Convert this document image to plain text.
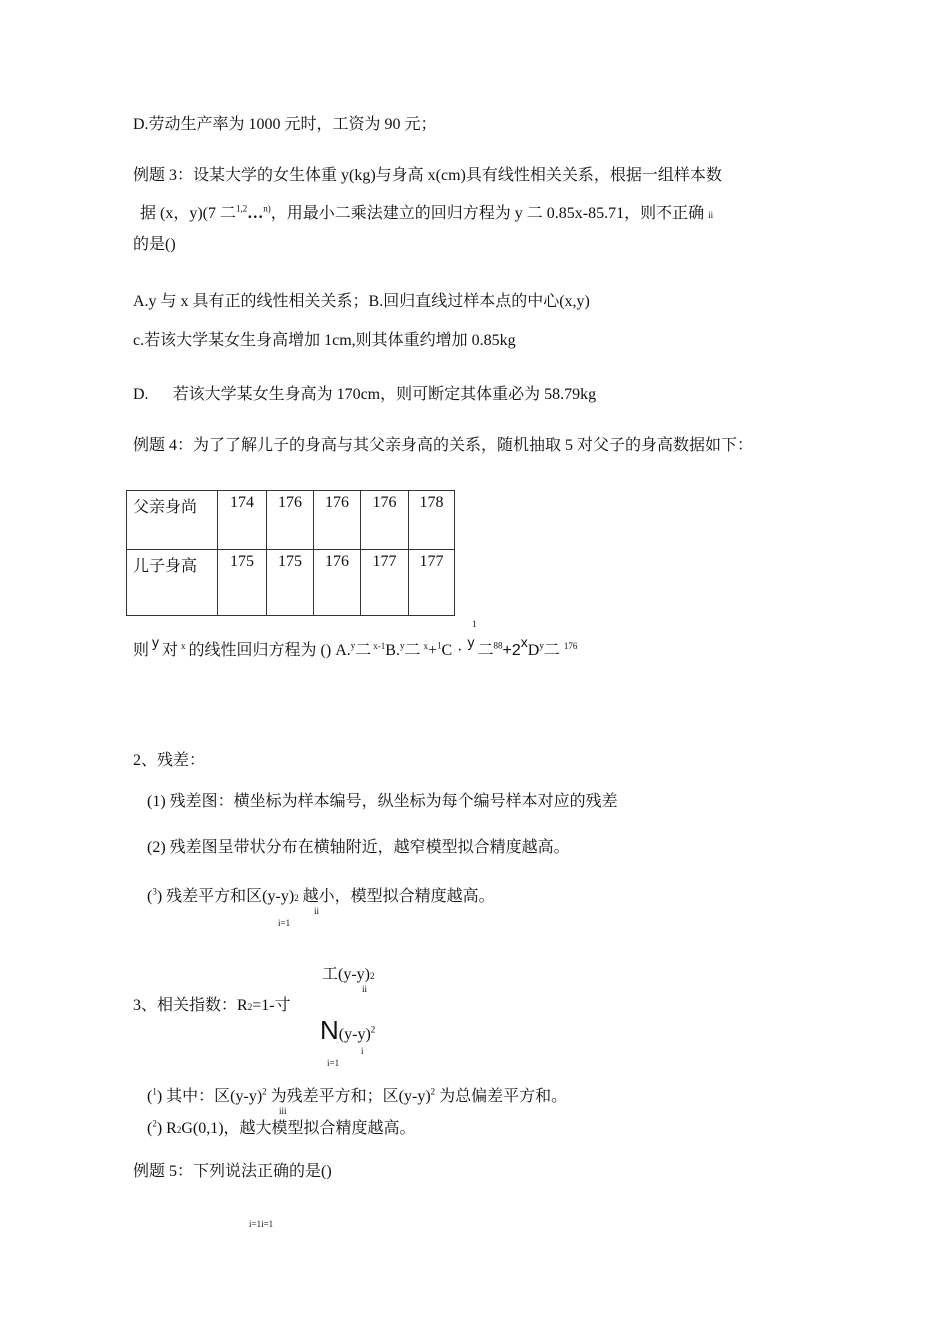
D.劳动生产率为 1000 元时，工资为 90 元；
例题 3：设某大学的女生体重 y(kg)与身高 x(cm)具有线性相关关系，根据一组样本数
据 (x，y)(7 二$^{1,2}$…$^{n)}$，用最小二乘法建立的回归方程为 y 二 0.85x-85.71，则不正确 ii
的是()
A.y 与 x 具有正的线性相关关系；B.回归直线过样本点的中心(x,y)
c.若该大学某女生身高增加 1cm,则其体重约增加 0.85kg
D. 若该大学某女生身高为 170cm，则可断定其体重必为 58.79kg
例题 4：为了了解儿子的身高与其父亲身高的关系，随机抽取 5 对父子的身高数据如下：
父亲身尚	174	176	176	176	178
儿子身高	175	175	176	177	177
1
则 y 对 $^x$ 的线性回归方程为 () A.$^y$二 $^{x-1}$B.$^y$二 $^x$+$^1$C · y 二$^{88}+2xD^y$二 $^{176}$
2、残差：
(1) 残差图：横坐标为样本编号，纵坐标为每个编号样本对应的残差
(2) 残差图呈带状分布在横轴附近，越窄模型拟合精度越高。
($^3$) 残差平方和区(y-y)2 越小，模型拟合精度越高。
ii
i=1
工(y-y)2
ii
3、相关指数：R2=1-寸
$N(y-y)^2$
i
i=1
($^1$) 其中：区$(y-y)^2$ 为残差平方和；区$(y-y)^2$ 为总偏差平方和。
iii
($^2$) R2G(0,1)，越大模型拟合精度越高。
例题 5：下列说法正确的是()
i=1i=1
